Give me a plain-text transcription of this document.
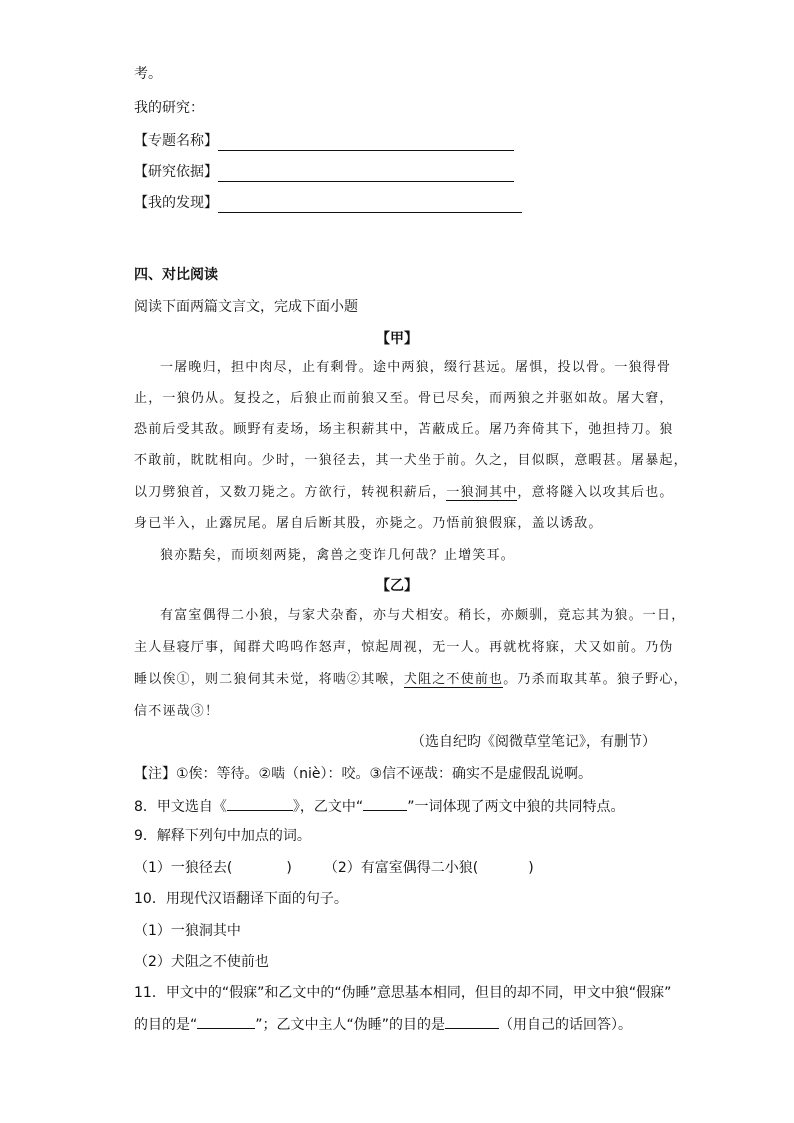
考。
我的研究：
【专题名称】
【研究依据】
【我的发现】
四、对比阅读
阅读下面两篇文言文，完成下面小题
【甲】
一屠晚归，担中肉尽，止有剩骨。途中两狼，缀行甚远。屠惧，投以骨。一狼得骨
止，一狼仍从。复投之，后狼止而前狼又至。骨已尽矣，而两狼之并驱如故。屠大窘，
恐前后受其敌。顾野有麦场，场主积薪其中，苫蔽成丘。屠乃奔倚其下，弛担持刀。狼
不敢前，眈眈相向。少时，一狼径去，其一犬坐于前。久之，目似瞑，意暇甚。屠暴起，
以刀劈狼首，又数刀毙之。方欲行，转视积薪后，一狼洞其中，意将隧入以攻其后也。
身已半入，止露尻尾。屠自后断其股，亦毙之。乃悟前狼假寐，盖以诱敌。
狼亦黠矣，而顷刻两毙，禽兽之变诈几何哉？止增笑耳。
【乙】
有富室偶得二小狼，与家犬杂畜，亦与犬相安。稍长，亦颇驯，竟忘其为狼。一日，
主人昼寝厅事，闻群犬呜呜作怒声，惊起周视，无一人。再就枕将寐，犬又如前。乃伪
睡以俟①，则二狼伺其未觉，将啮②其喉，犬阻之不使前也。乃杀而取其革。狼子野心，
信不诬哉③！
（选自纪昀《阅微草堂笔记》，有删节）
【注】①俟：等待。②啮（niè）：咬。③信不诬哉：确实不是虚假乱说啊。
8．甲文选自《	》，乙文中“	”一词体现了两文中狼的共同特点。
9．解释下列句中加点的词。
（1）一狼径去(	) （2）有富室偶得二小狼(	)
10．用现代汉语翻译下面的句子。
（1）一狼洞其中
（2）犬阻之不使前也
11．甲文中的“假寐”和乙文中的“伪睡”意思基本相同，但目的却不同，甲文中狼“假寐”
的目的是“	”；乙文中主人“伪睡”的目的是	（用自己的话回答）。
